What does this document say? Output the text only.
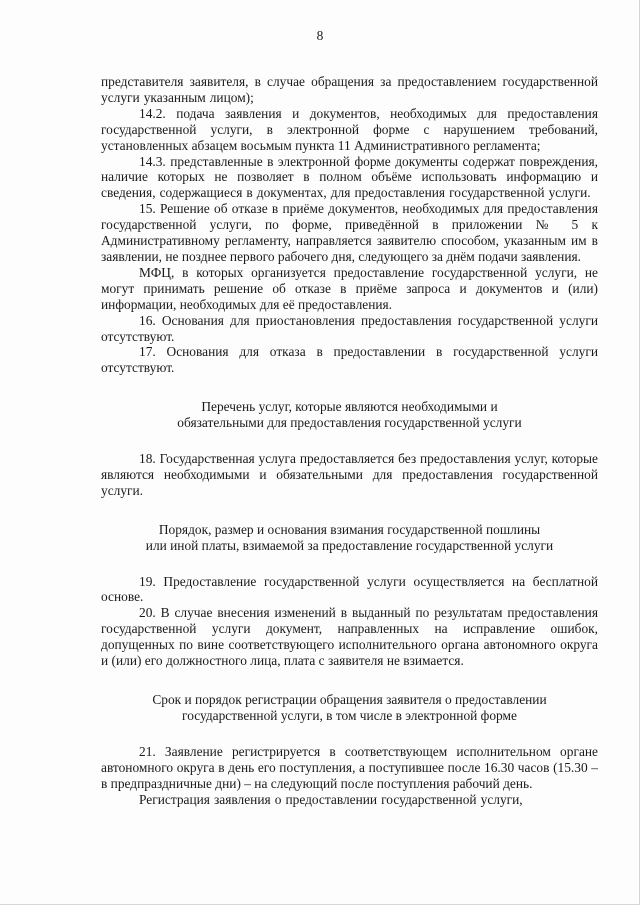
8

представителя заявителя, в случае обращения за предоставлением государственной услуги указанным лицом);

14.2. подача заявления и документов, необходимых для предоставления государственной услуги, в электронной форме с нарушением требований, установленных абзацем восьмым пункта 11 Административного регламента;

14.3. представленные в электронной форме документы содержат повреждения, наличие которых не позволяет в полном объёме использовать информацию и сведения, содержащиеся в документах, для предоставления государственной услуги.

15. Решение об отказе в приёме документов, необходимых для предоставления государственной услуги, по форме, приведённой в приложении № 5 к Административному регламенту, направляется заявителю способом, указанным им в заявлении, не позднее первого рабочего дня, следующего за днём подачи заявления.

МФЦ, в которых организуется предоставление государственной услуги, не могут принимать решение об отказе в приёме запроса и документов и (или) информации, необходимых для её предоставления.

16. Основания для приостановления предоставления государственной услуги отсутствуют.

17. Основания для отказа в предоставлении в государственной услуги отсутствуют.

Перечень услуг, которые являются необходимыми и
обязательными для предоставления государственной услуги

18. Государственная услуга предоставляется без предоставления услуг, которые являются необходимыми и обязательными для предоставления государственной услуги.

Порядок, размер и основания взимания государственной пошлины
или иной платы, взимаемой за предоставление государственной услуги

19. Предоставление государственной услуги осуществляется на бесплатной основе.

20. В случае внесения изменений в выданный по результатам предоставления государственной услуги документ, направленных на исправление ошибок, допущенных по вине соответствующего исполнительного органа автономного округа и (или) его должностного лица, плата с заявителя не взимается.

Срок и порядок регистрации обращения заявителя о предоставлении
государственной услуги, в том числе в электронной форме

21. Заявление регистрируется в соответствующем исполнительном органе автономного округа в день его поступления, а поступившее после 16.30 часов (15.30 – в предпраздничные дни) – на следующий после поступления рабочий день.

Регистрация заявления о предоставлении государственной услуги,
